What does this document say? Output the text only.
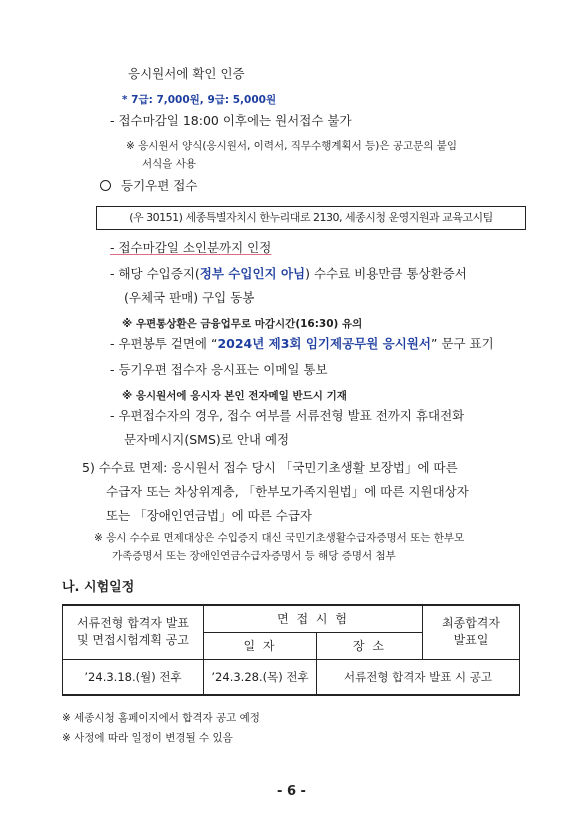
응시원서에 확인 인증
* 7급: 7,000원, 9급: 5,000원
- 접수마감일 18:00 이후에는 원서접수 불가
※ 응시원서 양식(응시원서, 이력서, 직무수행계획서 등)은 공고문의 붙임
서식을 사용
등기우편 접수
(우 30151) 세종특별자치시 한누리대로 2130, 세종시청 운영지원과 교육고시팀
- 접수마감일 소인분까지 인정
- 해당 수입증지(정부 수입인지 아님) 수수료 비용만큼 통상환증서
(우체국 판매) 구입 동봉
※ 우편통상환은 금융업무로 마감시간(16:30) 유의
- 우편봉투 겉면에 “2024년 제3회 임기제공무원 응시원서” 문구 표기
- 등기우편 접수자 응시표는 이메일 통보
※ 응시원서에 응시자 본인 전자메일 반드시 기재
- 우편접수자의 경우, 접수 여부를 서류전형 발표 전까지 휴대전화
문자메시지(SMS)로 안내 예정
5) 수수료 면제: 응시원서 접수 당시 「국민기초생활 보장법」에 따른
수급자 또는 차상위계층, 「한부모가족지원법」에 따른 지원대상자
또는 「장애인연금법」에 따른 수급자
※ 응시 수수료 면제대상은 수입증지 대신 국민기초생활수급자증명서 또는 한부모
가족증명서 또는 장애인연금수급자증명서 등 해당 증명서 첨부
나. 시험일정
서류전형 합격자 발표
및 면접시험계획 공고	면 접 시 험		최종합격자
발표일
	일 자	장 소	
’24.3.18.(월) 전후	’24.3.28.(목) 전후	서류전형 합격자 발표 시 공고	
※ 세종시청 홈페이지에서 합격자 공고 예정
※ 사정에 따라 일정이 변경될 수 있음
- 6 -
